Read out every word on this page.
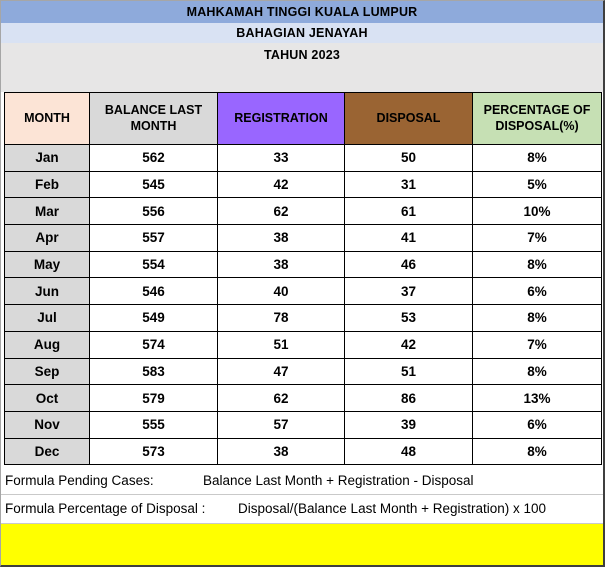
MAHKAMAH TINGGI KUALA LUMPUR
BAHAGIAN JENAYAH
TAHUN 2023
MONTH	BALANCE LAST MONTH	REGISTRATION	DISPOSAL	PERCENTAGE OF DISPOSAL(%)
Jan	562	33	50	8%
Feb	545	42	31	5%
Mar	556	62	61	10%
Apr	557	38	41	7%
May	554	38	46	8%
Jun	546	40	37	6%
Jul	549	78	53	8%
Aug	574	51	42	7%
Sep	583	47	51	8%
Oct	579	62	86	13%
Nov	555	57	39	6%
Dec	573	38	48	8%
Formula Pending Cases:	Balance Last Month + Registration - Disposal
Formula Percentage of Disposal : Disposal/(Balance Last Month + Registration) x 100
